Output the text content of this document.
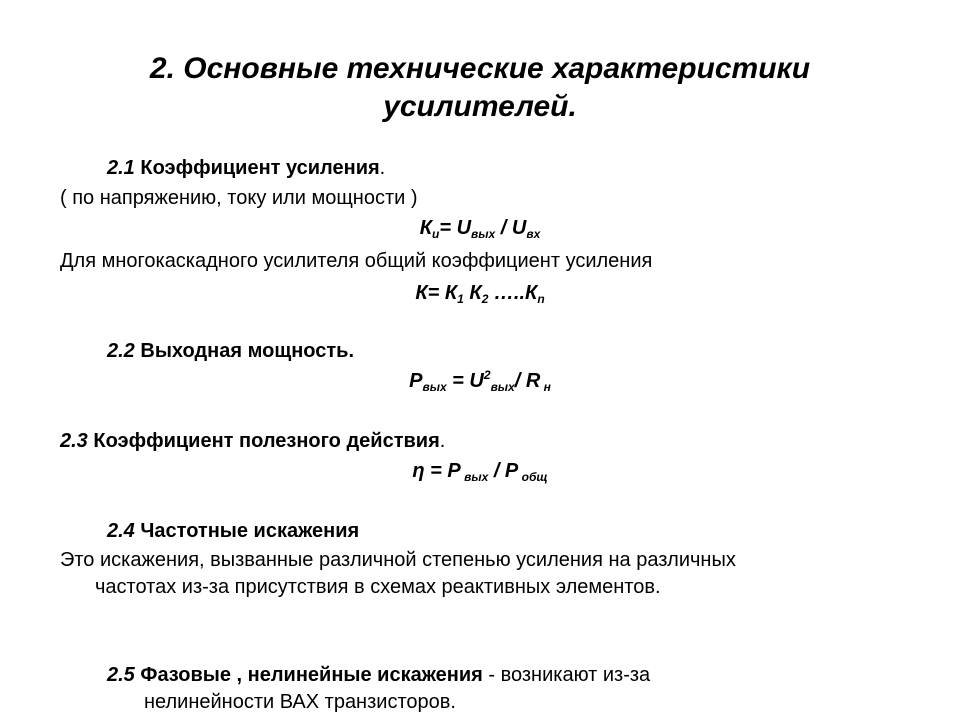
2. Основные технические характеристики
усилителей.
2.1 Коэффициент усиления.
( по напряжению, току или мощности )
$К_и= U_{вых} / U_{вх}$
Для многокаскадного усилителя общий коэффициент усиления
$К= К_1$ $К_2$ $\dots..К_n$
2.2 Выходная мощность.
$P_{вых} = U^2_{вых}/$ R $_н$
2.3 Коэффициент полезного действия.
η = P $_{вых}$ / P $_{общ}$
2.4 Частотные искажения
Это искажения, вызванные различной степенью усиления на различных
частотах из-за присутствия в схемах реактивных элементов.
2.5 Фазовые , нелинейные искажения - возникают из-за
нелинейности ВАХ транзисторов.
